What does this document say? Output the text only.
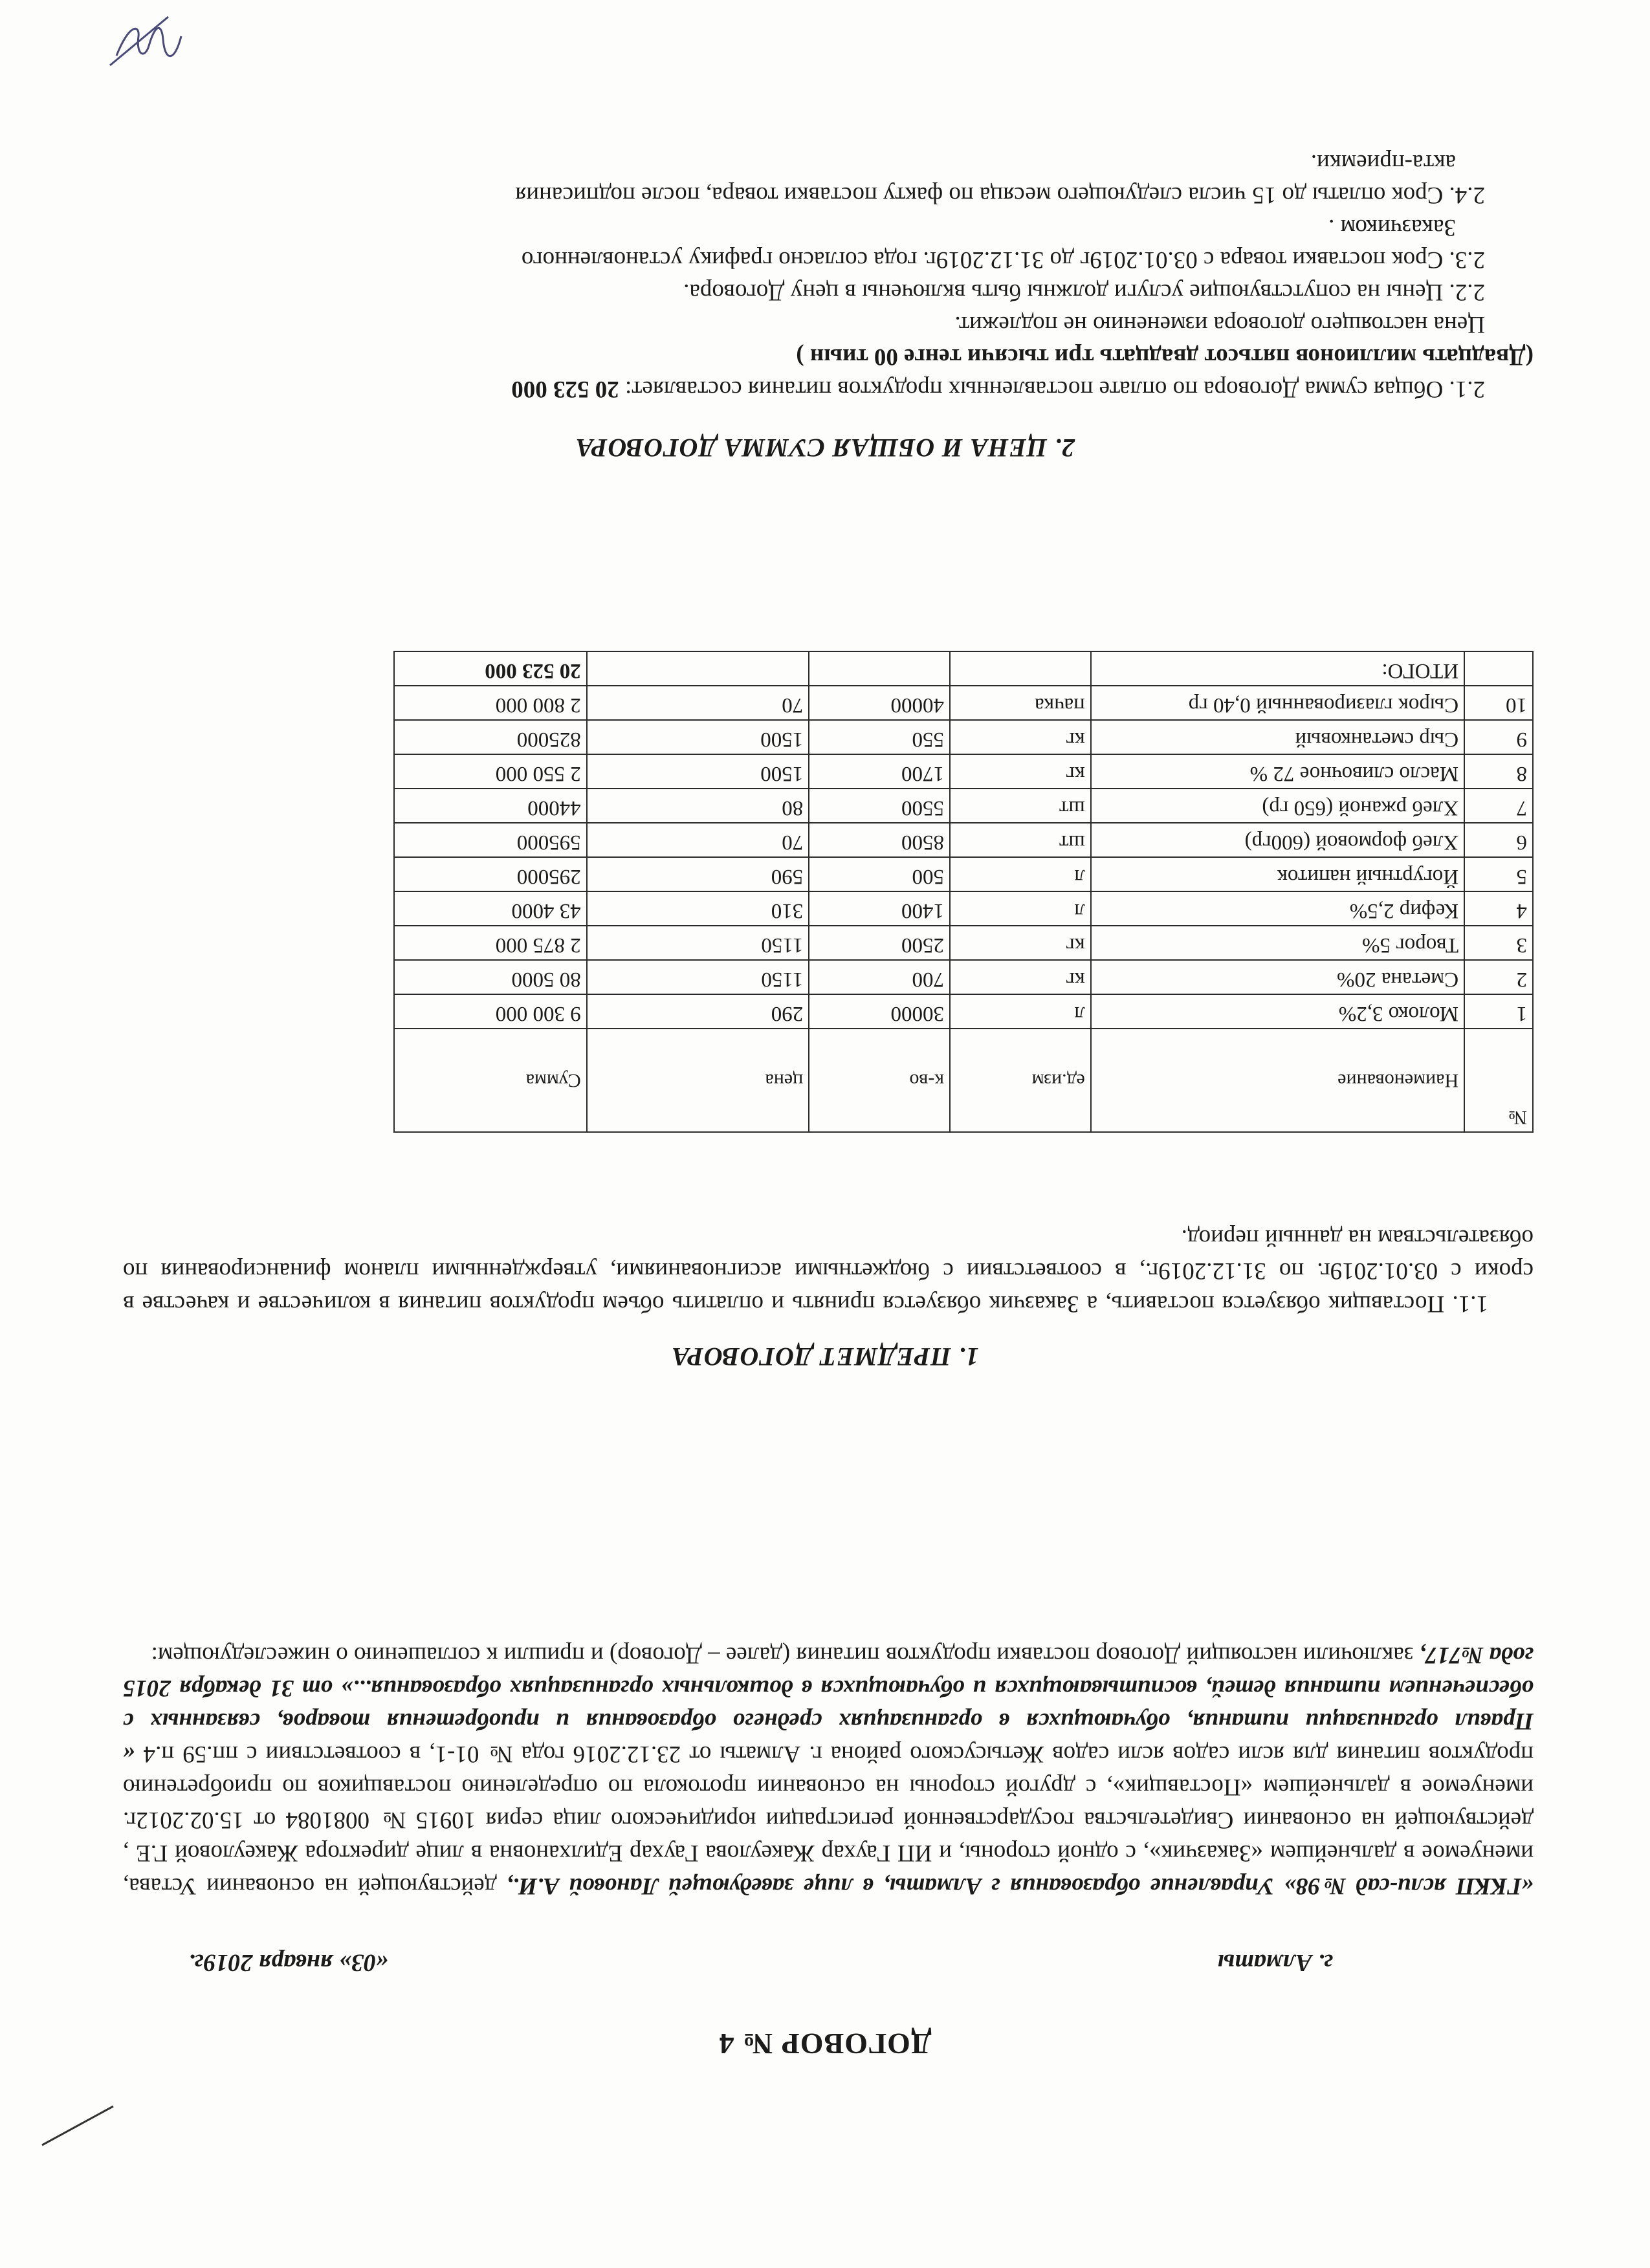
ДОГОВОР № 4
г. Алматы
«03» января 2019г.
«ГККП ясли-сад №98» Управление образования г Алматы, в лице заведующей Лановой А.И., действующей на основании Устава, именуемое в дальнейшем «Заказчик», с одной стороны, и ИП Гаухар Жакеулова Гаухар Едилхановна в лице директора Жакеуловой Г.Е , действующей на основании Свидетельства государственной регистрации юридического лица серия 10915 № 0081084 от 15.02.2012г. именуемое в дальнейшем «Поставщик», с другой стороны на основании протокола по определению поставщиков по приобретению продуктов питания для ясли садов ясли садов Жетысуского района г. Алматы от 23.12.2016 года № 01-1, в соответствии с пп.59 п.4 « Правил организации питания, обучающихся в организациях среднего образования и приобретения товаров, связанных с обеспечением питания детей, воспитывающихся и обучающихся в дошкольных организациях образования...» от 31 декабря 2015 года №717, заключили настоящий Договор поставки продуктов питания (далее – Договор) и пришли к соглашению о нижеследующем:
1. ПРЕДМЕТ ДОГОВОРА
1.1. Поставщик обязуется поставить, а Заказчик обязуется принять и оплатить объем продуктов питания в количестве и качестве в сроки с 03.01.2019г. по 31.12.2019г., в соответствии с бюджетными ассигнованиями, утвержденными планом финансирования по обязательствам на данный период.
№	Наименование	ед.изм	к-во	цена	Сумма
1	Молоко 3,2%	л	30000	290	9 300 000
2	Сметана 20%	кг	700	1150	80 5000
3	Творог 5%	кг	2500	1150	2 875 000
4	Кефир 2,5%	л	1400	310	43 4000
5	Йогуртный напиток	л	500	590	295000
6	Хлеб формовой (600гр)	шт	8500	70	595000
7	Хлеб ржаной (650 гр)	шт	5500	80	44000
8	Масло сливочное 72 %	кг	1700	1500	2 550 000
9	Сыр сметанковый	кг	550	1500	825000
10	Сырок глазированный 0,40 гр	пачка	40000	70	2 800 000
	ИТОГО:				20 523 000
2. ЦЕНА И ОБЩАЯ СУММА ДОГОВОРА

2.1. Общая сумма Договора по оплате поставленных продуктов питания составляет: 20 523 000

(Двадцать миллионов пятьсот двадцать три тысячи тенге 00 тиын )

Цена настоящего договора изменению не подлежит.

2.2. Цены на сопутствующие услуги должны быть включены в цену Договора.

2.3. Срок поставки товара с 03.01.2019г до 31.12.2019г. года согласно графику установленного

Заказчиком .

2.4. Срок оплаты до 15 числа следующего месяца по факту поставки товара, после подписания

акта-приемки.
